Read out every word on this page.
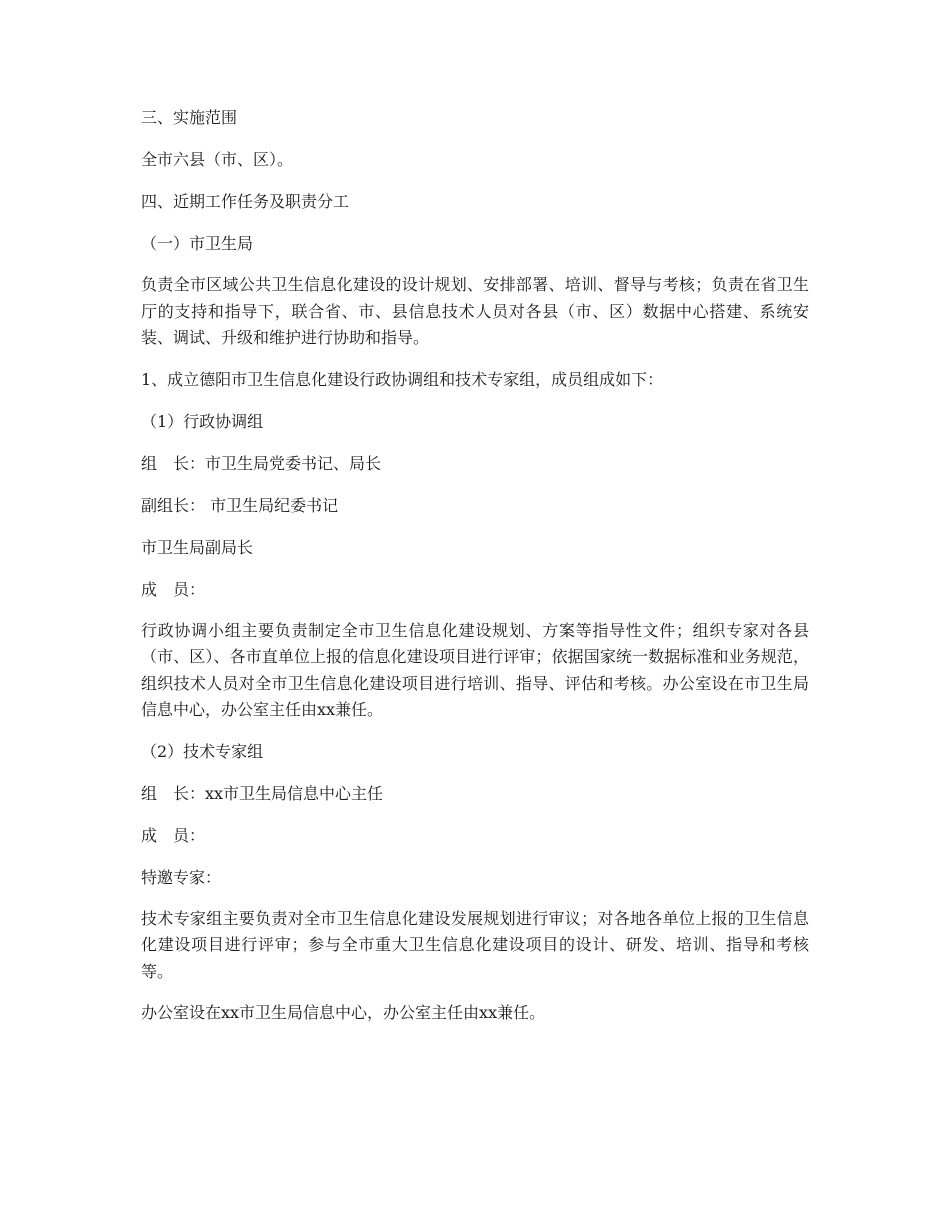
三、实施范围

全市六县（市、区）。

四、近期工作任务及职责分工

（一）市卫生局

负责全市区域公共卫生信息化建设的设计规划、安排部署、培训、督导与考核；负责在省卫生厅的支持和指导下，联合省、市、县信息技术人员对各县（市、区）数据中心搭建、系统安装、调试、升级和维护进行协助和指导。

1、成立德阳市卫生信息化建设行政协调组和技术专家组，成员组成如下：

（1）行政协调组

组　长：市卫生局党委书记、局长

副组长： 市卫生局纪委书记

市卫生局副局长

成　员：

行政协调小组主要负责制定全市卫生信息化建设规划、方案等指导性文件；组织专家对各县（市、区）、各市直单位上报的信息化建设项目进行评审；依据国家统一数据标准和业务规范，组织技术人员对全市卫生信息化建设项目进行培训、指导、评估和考核。办公室设在市卫生局信息中心，办公室主任由xx兼任。

（2）技术专家组

组　长：xx市卫生局信息中心主任

成　员：

特邀专家：

技术专家组主要负责对全市卫生信息化建设发展规划进行审议；对各地各单位上报的卫生信息化建设项目进行评审；参与全市重大卫生信息化建设项目的设计、研发、培训、指导和考核等。

办公室设在xx市卫生局信息中心，办公室主任由xx兼任。
